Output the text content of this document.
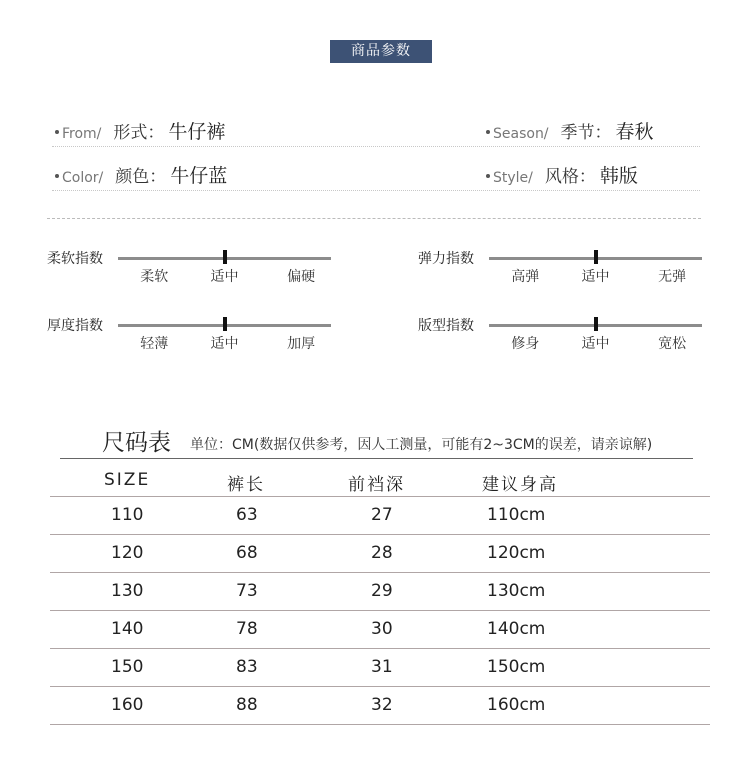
商品参数
From/ 形式： 牛仔裤	Season/ 季节： 春秋
Color/ 颜色： 牛仔蓝	Style/ 风格： 韩版
柔软指数
柔软	适中	偏硬
弹力指数
高弹	适中	无弹
厚度指数
轻薄	适中	加厚
版型指数
修身	适中	宽松
尺码表 单位：CM(数据仅供参考，因人工测量，可能有2~3CM的误差，请亲谅解)
SIZE	裤长	前裆深	建议身高
110	63	27	110cm
120	68	28	120cm
130	73	29	130cm
140	78	30	140cm
150	83	31	150cm
160	88	32	160cm
